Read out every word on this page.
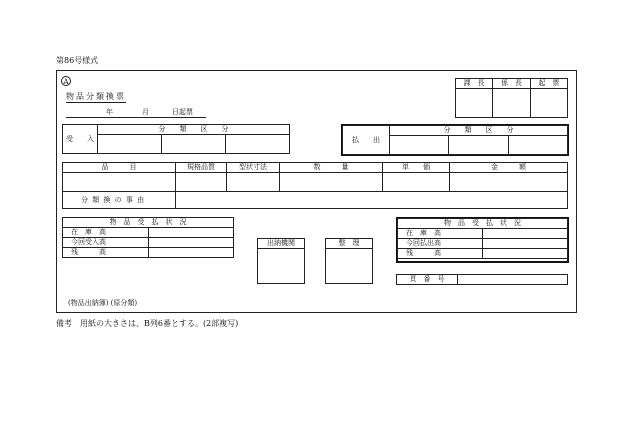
第86号様式
A
物品分類換票
年	月	日起票
課　長	係　長	起　票

受　　入	分　　類　　区　　分		

払　　出	分　　類　　区　　分		

品　　　目	規格品質	型状寸法	数　　　量	単　　価	金　　　額

分 類 換 の 事 由					
物　品　受　払　状　況	
在　庫　高	
今回受入高	
残　　　高	
出納機関	整　理

物　品　受　払　状　況	
在　庫　高	
今回払出高	
残　　　高	
頁　番　号	
(物品出納簿) (原分類)
備考　用紙の大きさは、B列6番とする。(2部複写)
